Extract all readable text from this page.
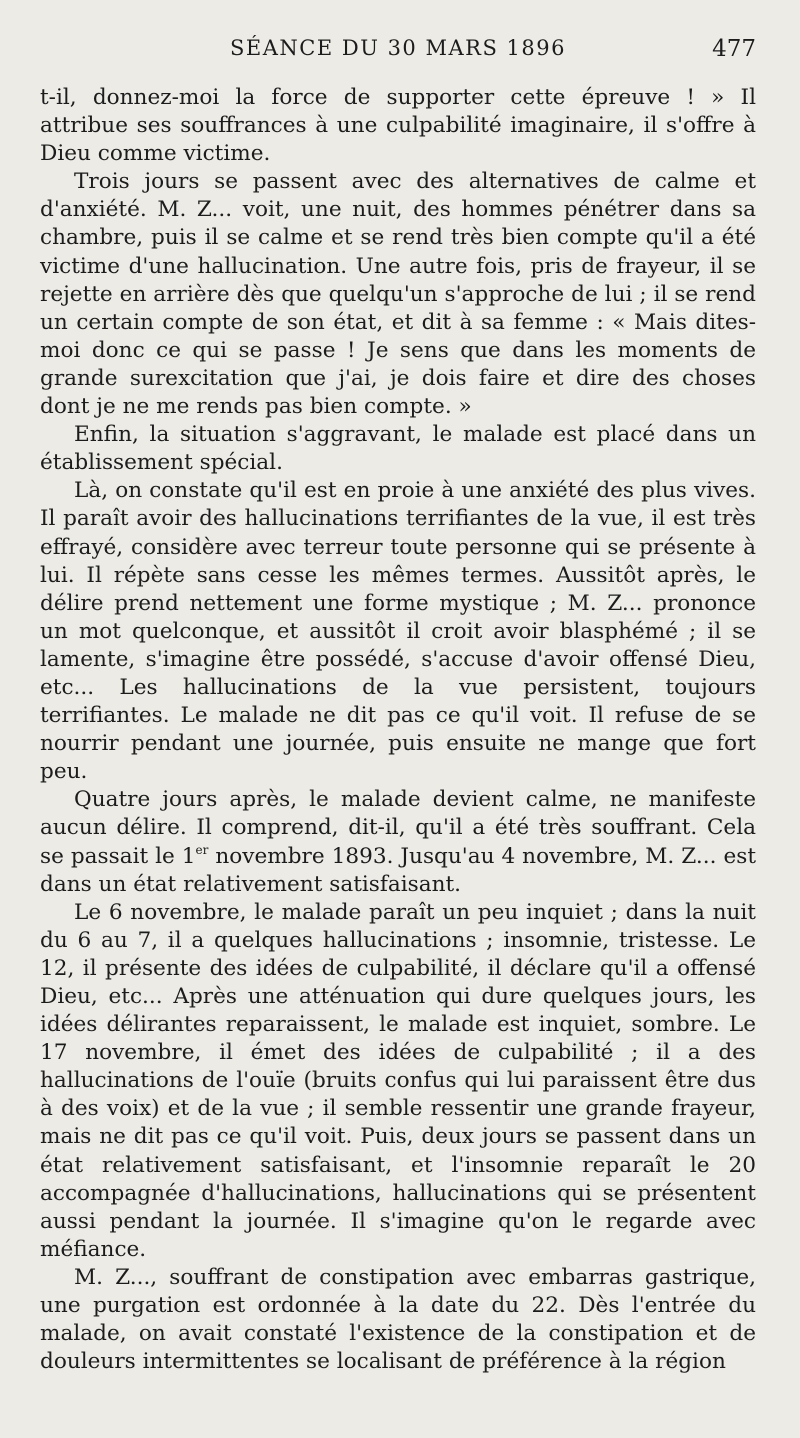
SÉANCE DU 30 MARS 1896	477

t-il, donnez-moi la force de supporter cette épreuve ! » Il attribue ses souffrances à une culpabilité imaginaire, il s'offre à Dieu comme victime.

Trois jours se passent avec des alternatives de calme et d'anxiété. M. Z... voit, une nuit, des hommes pénétrer dans sa chambre, puis il se calme et se rend très bien compte qu'il a été victime d'une hallucination. Une autre fois, pris de frayeur, il se rejette en arrière dès que quelqu'un s'approche de lui ; il se rend un certain compte de son état, et dit à sa femme : « Mais dites-moi donc ce qui se passe ! Je sens que dans les moments de grande surexcitation que j'ai, je dois faire et dire des choses dont je ne me rends pas bien compte. »

Enfin, la situation s'aggravant, le malade est placé dans un établissement spécial.

Là, on constate qu'il est en proie à une anxiété des plus vives. Il paraît avoir des hallucinations terrifiantes de la vue, il est très effrayé, considère avec terreur toute personne qui se présente à lui. Il répète sans cesse les mêmes termes. Aussitôt après, le délire prend nettement une forme mystique ; M. Z... prononce un mot quelconque, et aussitôt il croit avoir blasphémé ; il se lamente, s'imagine être possédé, s'accuse d'avoir offensé Dieu, etc... Les hallucinations de la vue persistent, toujours terrifiantes. Le malade ne dit pas ce qu'il voit. Il refuse de se nourrir pendant une journée, puis ensuite ne mange que fort peu.

Quatre jours après, le malade devient calme, ne manifeste aucun délire. Il comprend, dit-il, qu'il a été très souffrant. Cela se passait le 1er novembre 1893. Jusqu'au 4 novembre, M. Z... est dans un état relativement satisfaisant.

Le 6 novembre, le malade paraît un peu inquiet ; dans la nuit du 6 au 7, il a quelques hallucinations ; insomnie, tristesse. Le 12, il présente des idées de culpabilité, il déclare qu'il a offensé Dieu, etc... Après une atténuation qui dure quelques jours, les idées délirantes reparaissent, le malade est inquiet, sombre. Le 17 novembre, il émet des idées de culpabilité ; il a des hallucinations de l'ouïe (bruits confus qui lui paraissent être dus à des voix) et de la vue ; il semble ressentir une grande frayeur, mais ne dit pas ce qu'il voit. Puis, deux jours se passent dans un état relativement satisfaisant, et l'insomnie reparaît le 20 accompagnée d'hallucinations, hallucinations qui se présentent aussi pendant la journée. Il s'imagine qu'on le regarde avec méfiance.

M. Z..., souffrant de constipation avec embarras gastrique, une purgation est ordonnée à la date du 22. Dès l'entrée du malade, on avait constaté l'existence de la constipation et de douleurs intermittentes se localisant de préférence à la région
